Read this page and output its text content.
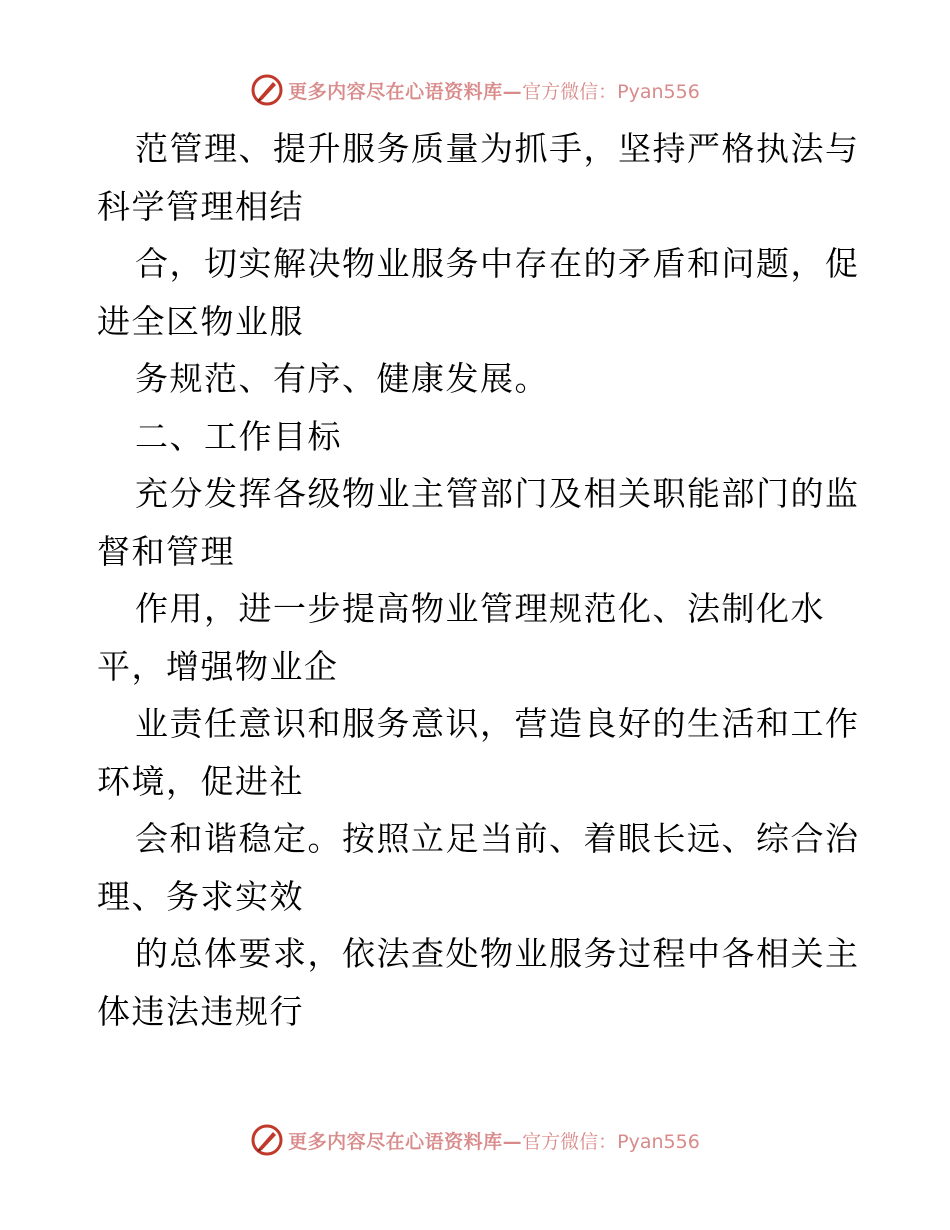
更多内容尽在心语资料库— 官方微信：Pyan556
范管理、提升服务质量为抓手，坚持严格执法与
科学管理相结
合，切实解决物业服务中存在的矛盾和问题，促
进全区物业服
务规范、有序、健康发展。
二、工作目标
充分发挥各级物业主管部门及相关职能部门的监
督和管理
作用，进一步提高物业管理规范化、法制化水
平，增强物业企
业责任意识和服务意识，营造良好的生活和工作
环境，促进社
会和谐稳定。按照立足当前、着眼长远、综合治
理、务求实效
的总体要求，依法查处物业服务过程中各相关主
体违法违规行
更多内容尽在心语资料库— 官方微信：Pyan556
